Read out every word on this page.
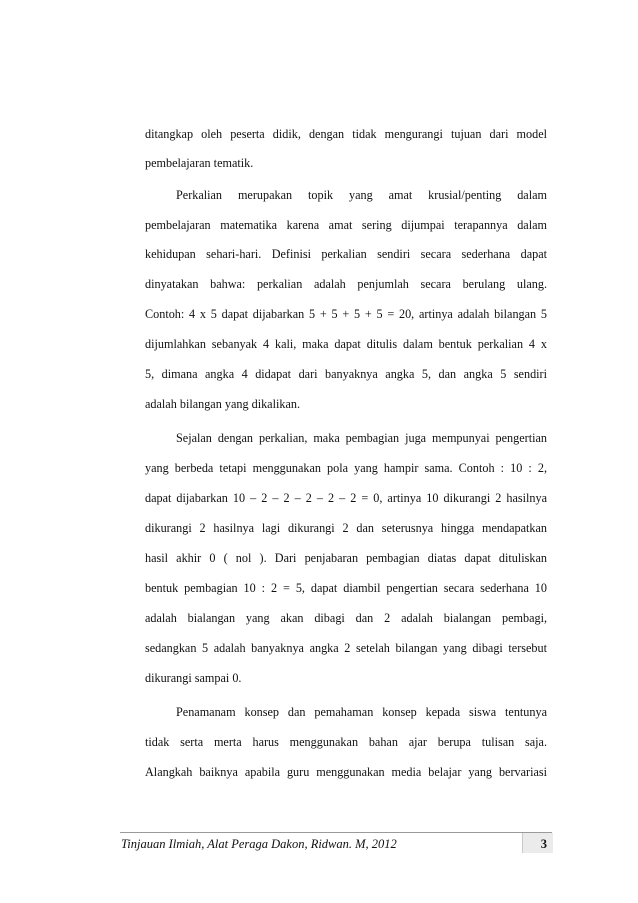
ditangkap oleh peserta didik, dengan tidak mengurangi tujuan dari model
pembelajaran tematik.
Perkalian merupakan topik yang amat krusial/penting dalam
pembelajaran matematika karena amat sering dijumpai terapannya dalam
kehidupan sehari-hari. Definisi perkalian sendiri secara sederhana dapat
dinyatakan bahwa: perkalian adalah penjumlah secara berulang ulang.
Contoh: 4 x 5 dapat dijabarkan 5 + 5 + 5 + 5 = 20, artinya adalah bilangan 5
dijumlahkan sebanyak 4 kali, maka dapat ditulis dalam bentuk perkalian 4 x
5, dimana angka 4 didapat dari banyaknya angka 5, dan angka 5 sendiri
adalah bilangan yang dikalikan.
Sejalan dengan perkalian, maka pembagian juga mempunyai pengertian
yang berbeda tetapi menggunakan pola yang hampir sama. Contoh : 10 : 2,
dapat dijabarkan 10 – 2 – 2 – 2 – 2 – 2 = 0, artinya 10 dikurangi 2 hasilnya
dikurangi 2 hasilnya lagi dikurangi 2 dan seterusnya hingga mendapatkan
hasil akhir 0 ( nol ). Dari penjabaran pembagian diatas dapat dituliskan
bentuk pembagian 10 : 2 = 5, dapat diambil pengertian secara sederhana 10
adalah bialangan yang akan dibagi dan 2 adalah bialangan pembagi,
sedangkan 5 adalah banyaknya angka 2 setelah bilangan yang dibagi tersebut
dikurangi sampai 0.
Penamanam konsep dan pemahaman konsep kepada siswa tentunya
tidak serta merta harus menggunakan bahan ajar berupa tulisan saja.
Alangkah baiknya apabila guru menggunakan media belajar yang bervariasi
Tinjauan Ilmiah, Alat Peraga Dakon, Ridwan. M, 2012	3
